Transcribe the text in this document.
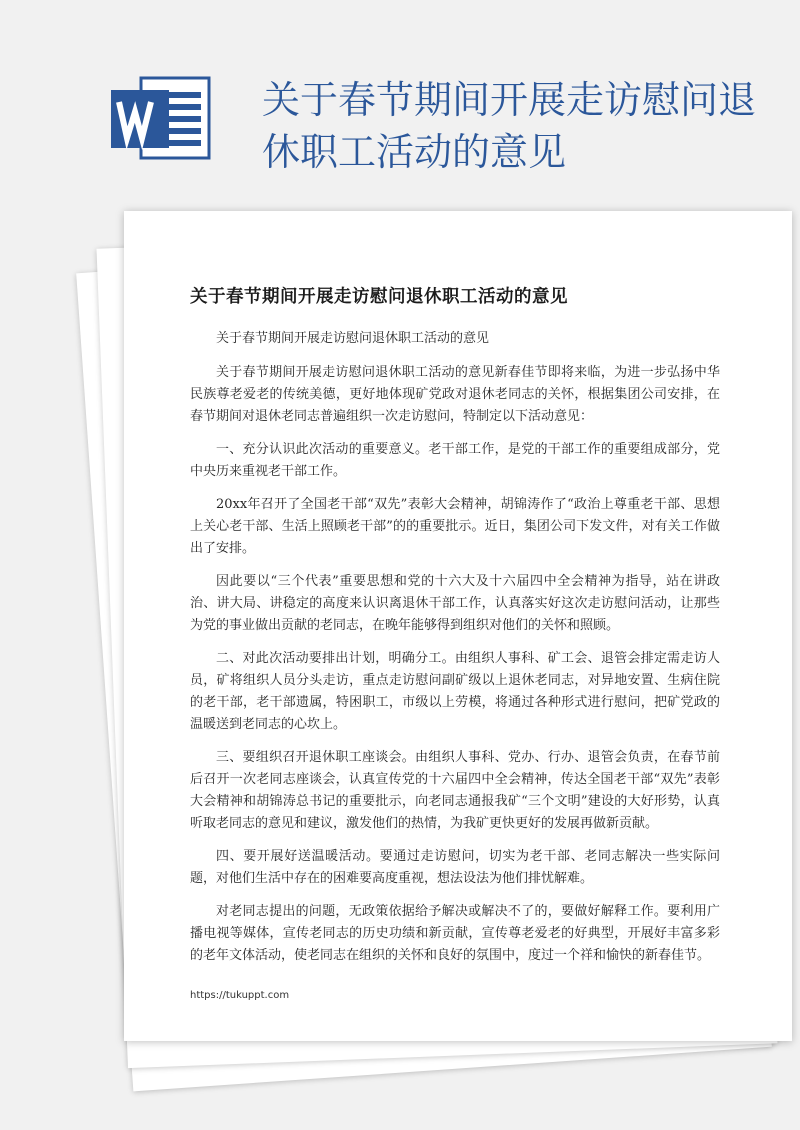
关于春节期间开展走访慰问退休职工活动的意见
关于春节期间开展走访慰问退休职工活动的意见

关于春节期间开展走访慰问退休职工活动的意见

关于春节期间开展走访慰问退休职工活动的意见新春佳节即将来临，为进一步弘扬中华民族尊老爱老的传统美德，更好地体现矿党政对退休老同志的关怀，根据集团公司安排，在春节期间对退休老同志普遍组织一次走访慰问，特制定以下活动意见：

一、充分认识此次活动的重要意义。老干部工作，是党的干部工作的重要组成部分，党中央历来重视老干部工作。

20xx年召开了全国老干部“双先”表彰大会精神，胡锦涛作了“政治上尊重老干部、思想上关心老干部、生活上照顾老干部”的的重要批示。近日，集团公司下发文件，对有关工作做出了安排。

因此要以“三个代表”重要思想和党的十六大及十六届四中全会精神为指导，站在讲政治、讲大局、讲稳定的高度来认识离退休干部工作，认真落实好这次走访慰问活动，让那些为党的事业做出贡献的老同志，在晚年能够得到组织对他们的关怀和照顾。

二、对此次活动要排出计划，明确分工。由组织人事科、矿工会、退管会排定需走访人员，矿将组织人员分头走访，重点走访慰问副矿级以上退休老同志，对异地安置、生病住院的老干部，老干部遗属，特困职工，市级以上劳模，将通过各种形式进行慰问，把矿党政的温暖送到老同志的心坎上。

三、要组织召开退休职工座谈会。由组织人事科、党办、行办、退管会负责，在春节前后召开一次老同志座谈会，认真宣传党的十六届四中全会精神，传达全国老干部“双先”表彰大会精神和胡锦涛总书记的重要批示，向老同志通报我矿“三个文明”建设的大好形势，认真听取老同志的意见和建议，激发他们的热情，为我矿更快更好的发展再做新贡献。

四、要开展好送温暖活动。要通过走访慰问，切实为老干部、老同志解决一些实际问题，对他们生活中存在的困难要高度重视，想法设法为他们排忧解难。

对老同志提出的问题，无政策依据给予解决或解决不了的，要做好解释工作。要利用广播电视等媒体，宣传老同志的历史功绩和新贡献，宣传尊老爱老的好典型，开展好丰富多彩的老年文体活动，使老同志在组织的关怀和良好的氛围中，度过一个祥和愉快的新春佳节。

https://tukuppt.com
